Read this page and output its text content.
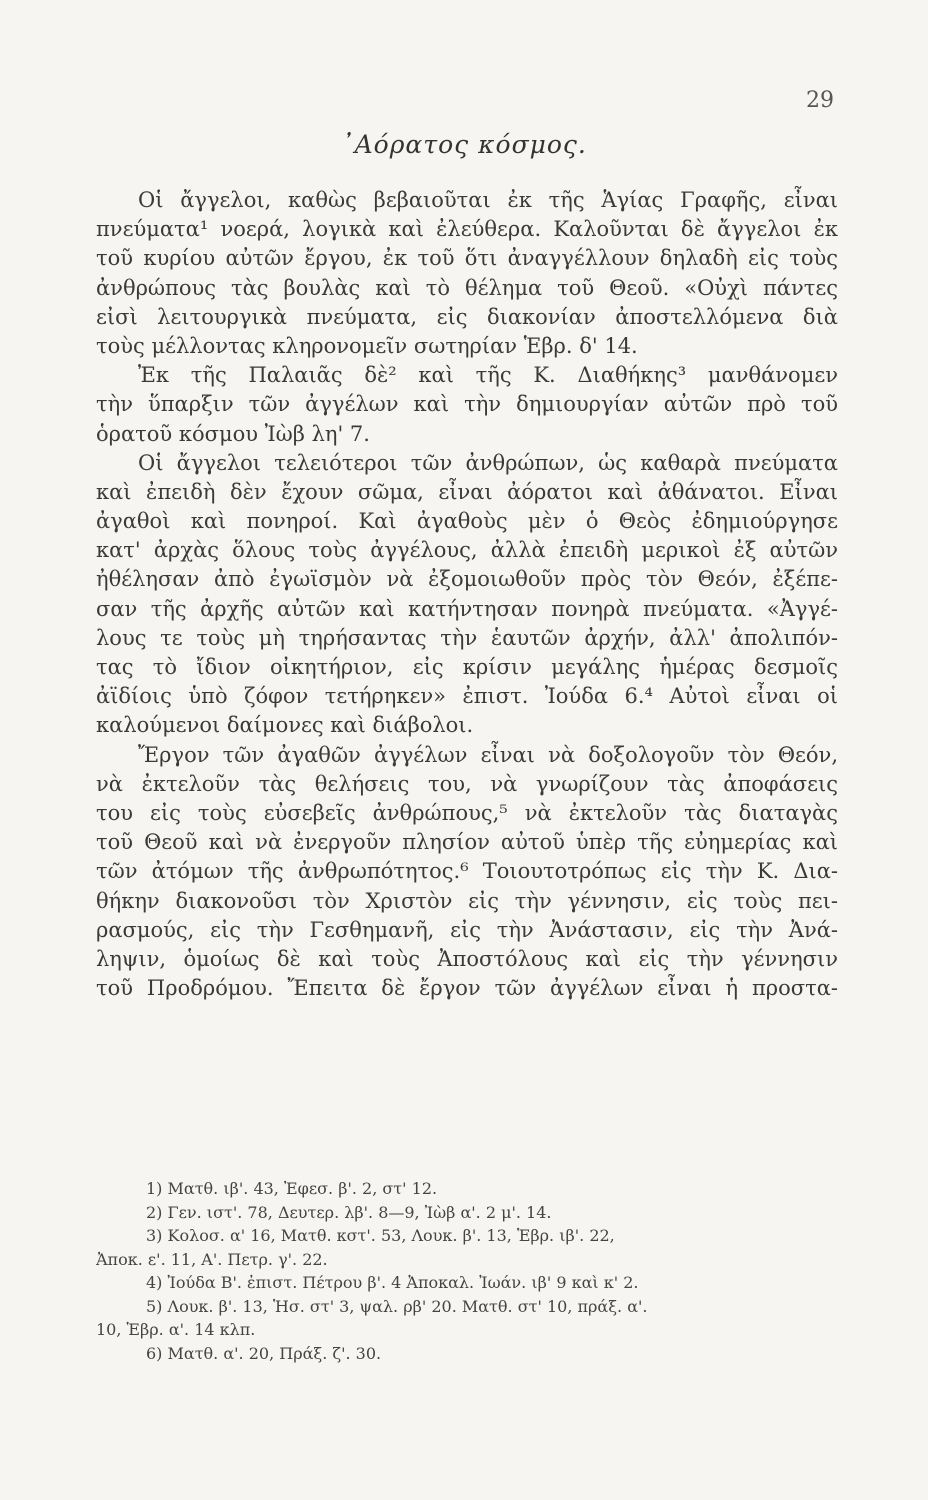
29
᾿Αόρατος κόσμος.
Οἱ ἄγγελοι, καθὼς βεβαιοῦται ἐκ τῆς Ἁγίας Γραφῆς, εἶναι
πνεύματα¹ νοερά, λογικὰ καὶ ἐλεύθερα. Καλοῦνται δὲ ἄγγελοι ἐκ
τοῦ κυρίου αὐτῶν ἔργου, ἐκ τοῦ ὅτι ἀναγγέλλουν δηλαδὴ εἰς τοὺς
ἀνθρώπους τὰς βουλὰς καὶ τὸ θέλημα τοῦ Θεοῦ. «Οὐχὶ πάντες
εἰσὶ λειτουργικὰ πνεύματα, εἰς διακονίαν ἀποστελλόμενα διὰ
τοὺς μέλλοντας κληρονομεῖν σωτηρίαν Ἑβρ. δ' 14.
Ἐκ τῆς Παλαιᾶς δὲ² καὶ τῆς Κ. Διαθήκης³ μανθάνομεν
τὴν ὕπαρξιν τῶν ἀγγέλων καὶ τὴν δημιουργίαν αὐτῶν πρὸ τοῦ
ὁρατοῦ κόσμου Ἰὼβ λη' 7.
Οἱ ἄγγελοι τελειότεροι τῶν ἀνθρώπων, ὡς καθαρὰ πνεύματα
καὶ ἐπειδὴ δὲν ἔχουν σῶμα, εἶναι ἀόρατοι καὶ ἀθάνατοι. Εἶναι
ἀγαθοὶ καὶ πονηροί. Καὶ ἀγαθοὺς μὲν ὁ Θεὸς ἐδημιούργησε
κατ' ἀρχὰς ὅλους τοὺς ἀγγέλους, ἀλλὰ ἐπειδὴ μερικοὶ ἐξ αὐτῶν
ἠθέλησαν ἀπὸ ἐγωϊσμὸν νὰ ἐξομοιωθοῦν πρὸς τὸν Θεόν, ἐξέπε-
σαν τῆς ἀρχῆς αὐτῶν καὶ κατήντησαν πονηρὰ πνεύματα. «Ἀγγέ-
λους τε τοὺς μὴ τηρήσαντας τὴν ἑαυτῶν ἀρχήν, ἀλλ' ἀπολιπόν-
τας τὸ ἴδιον οἰκητήριον, εἰς κρίσιν μεγάλης ἡμέρας δεσμοῖς
ἀϊδίοις ὑπὸ ζόφον τετήρηκεν» ἐπιστ. Ἰούδα 6.⁴ Αὐτοὶ εἶναι οἱ
καλούμενοι δαίμονες καὶ διάβολοι.
Ἔργον τῶν ἀγαθῶν ἀγγέλων εἶναι νὰ δοξολογοῦν τὸν Θεόν,
νὰ ἐκτελοῦν τὰς θελήσεις του, νὰ γνωρίζουν τὰς ἀποφάσεις
του εἰς τοὺς εὐσεβεῖς ἀνθρώπους,⁵ νὰ ἐκτελοῦν τὰς διαταγὰς
τοῦ Θεοῦ καὶ νὰ ἐνεργοῦν πλησίον αὐτοῦ ὑπὲρ τῆς εὐημερίας καὶ
τῶν ἀτόμων τῆς ἀνθρωπότητος.⁶ Τοιουτοτρόπως εἰς τὴν Κ. Δια-
θήκην διακονοῦσι τὸν Χριστὸν εἰς τὴν γέννησιν, εἰς τοὺς πει-
ρασμούς, εἰς τὴν Γεσθημανῆ, εἰς τὴν Ἀνάστασιν, εἰς τὴν Ἀνά-
ληψιν, ὁμοίως δὲ καὶ τοὺς Ἀποστόλους καὶ εἰς τὴν γέννησιν
τοῦ Προδρόμου. Ἔπειτα δὲ ἔργον τῶν ἀγγέλων εἶναι ἡ προστα-
1) Ματθ. ιβ'. 43, Ἐφεσ. β'. 2, στ' 12.
2) Γεν. ιστ'. 78, Δευτερ. λβ'. 8—9, Ἰὼβ α'. 2 μ'. 14.
3) Κολοσ. α' 16, Ματθ. κστ'. 53, Λουκ. β'. 13, Ἑβρ. ιβ'. 22,
Ἀποκ. ε'. 11, Α'. Πετρ. γ'. 22.
4) Ἰούδα Β'. ἐπιστ. Πέτρου β'. 4 Ἀποκαλ. Ἰωάν. ιβ' 9 καὶ κ' 2.
5) Λουκ. β'. 13, Ἡσ. στ' 3, ψαλ. ρβ' 20. Ματθ. στ' 10, πράξ. α'.
10, Ἑβρ. α'. 14 κλπ.
6) Ματθ. α'. 20, Πράξ. ζ'. 30.
